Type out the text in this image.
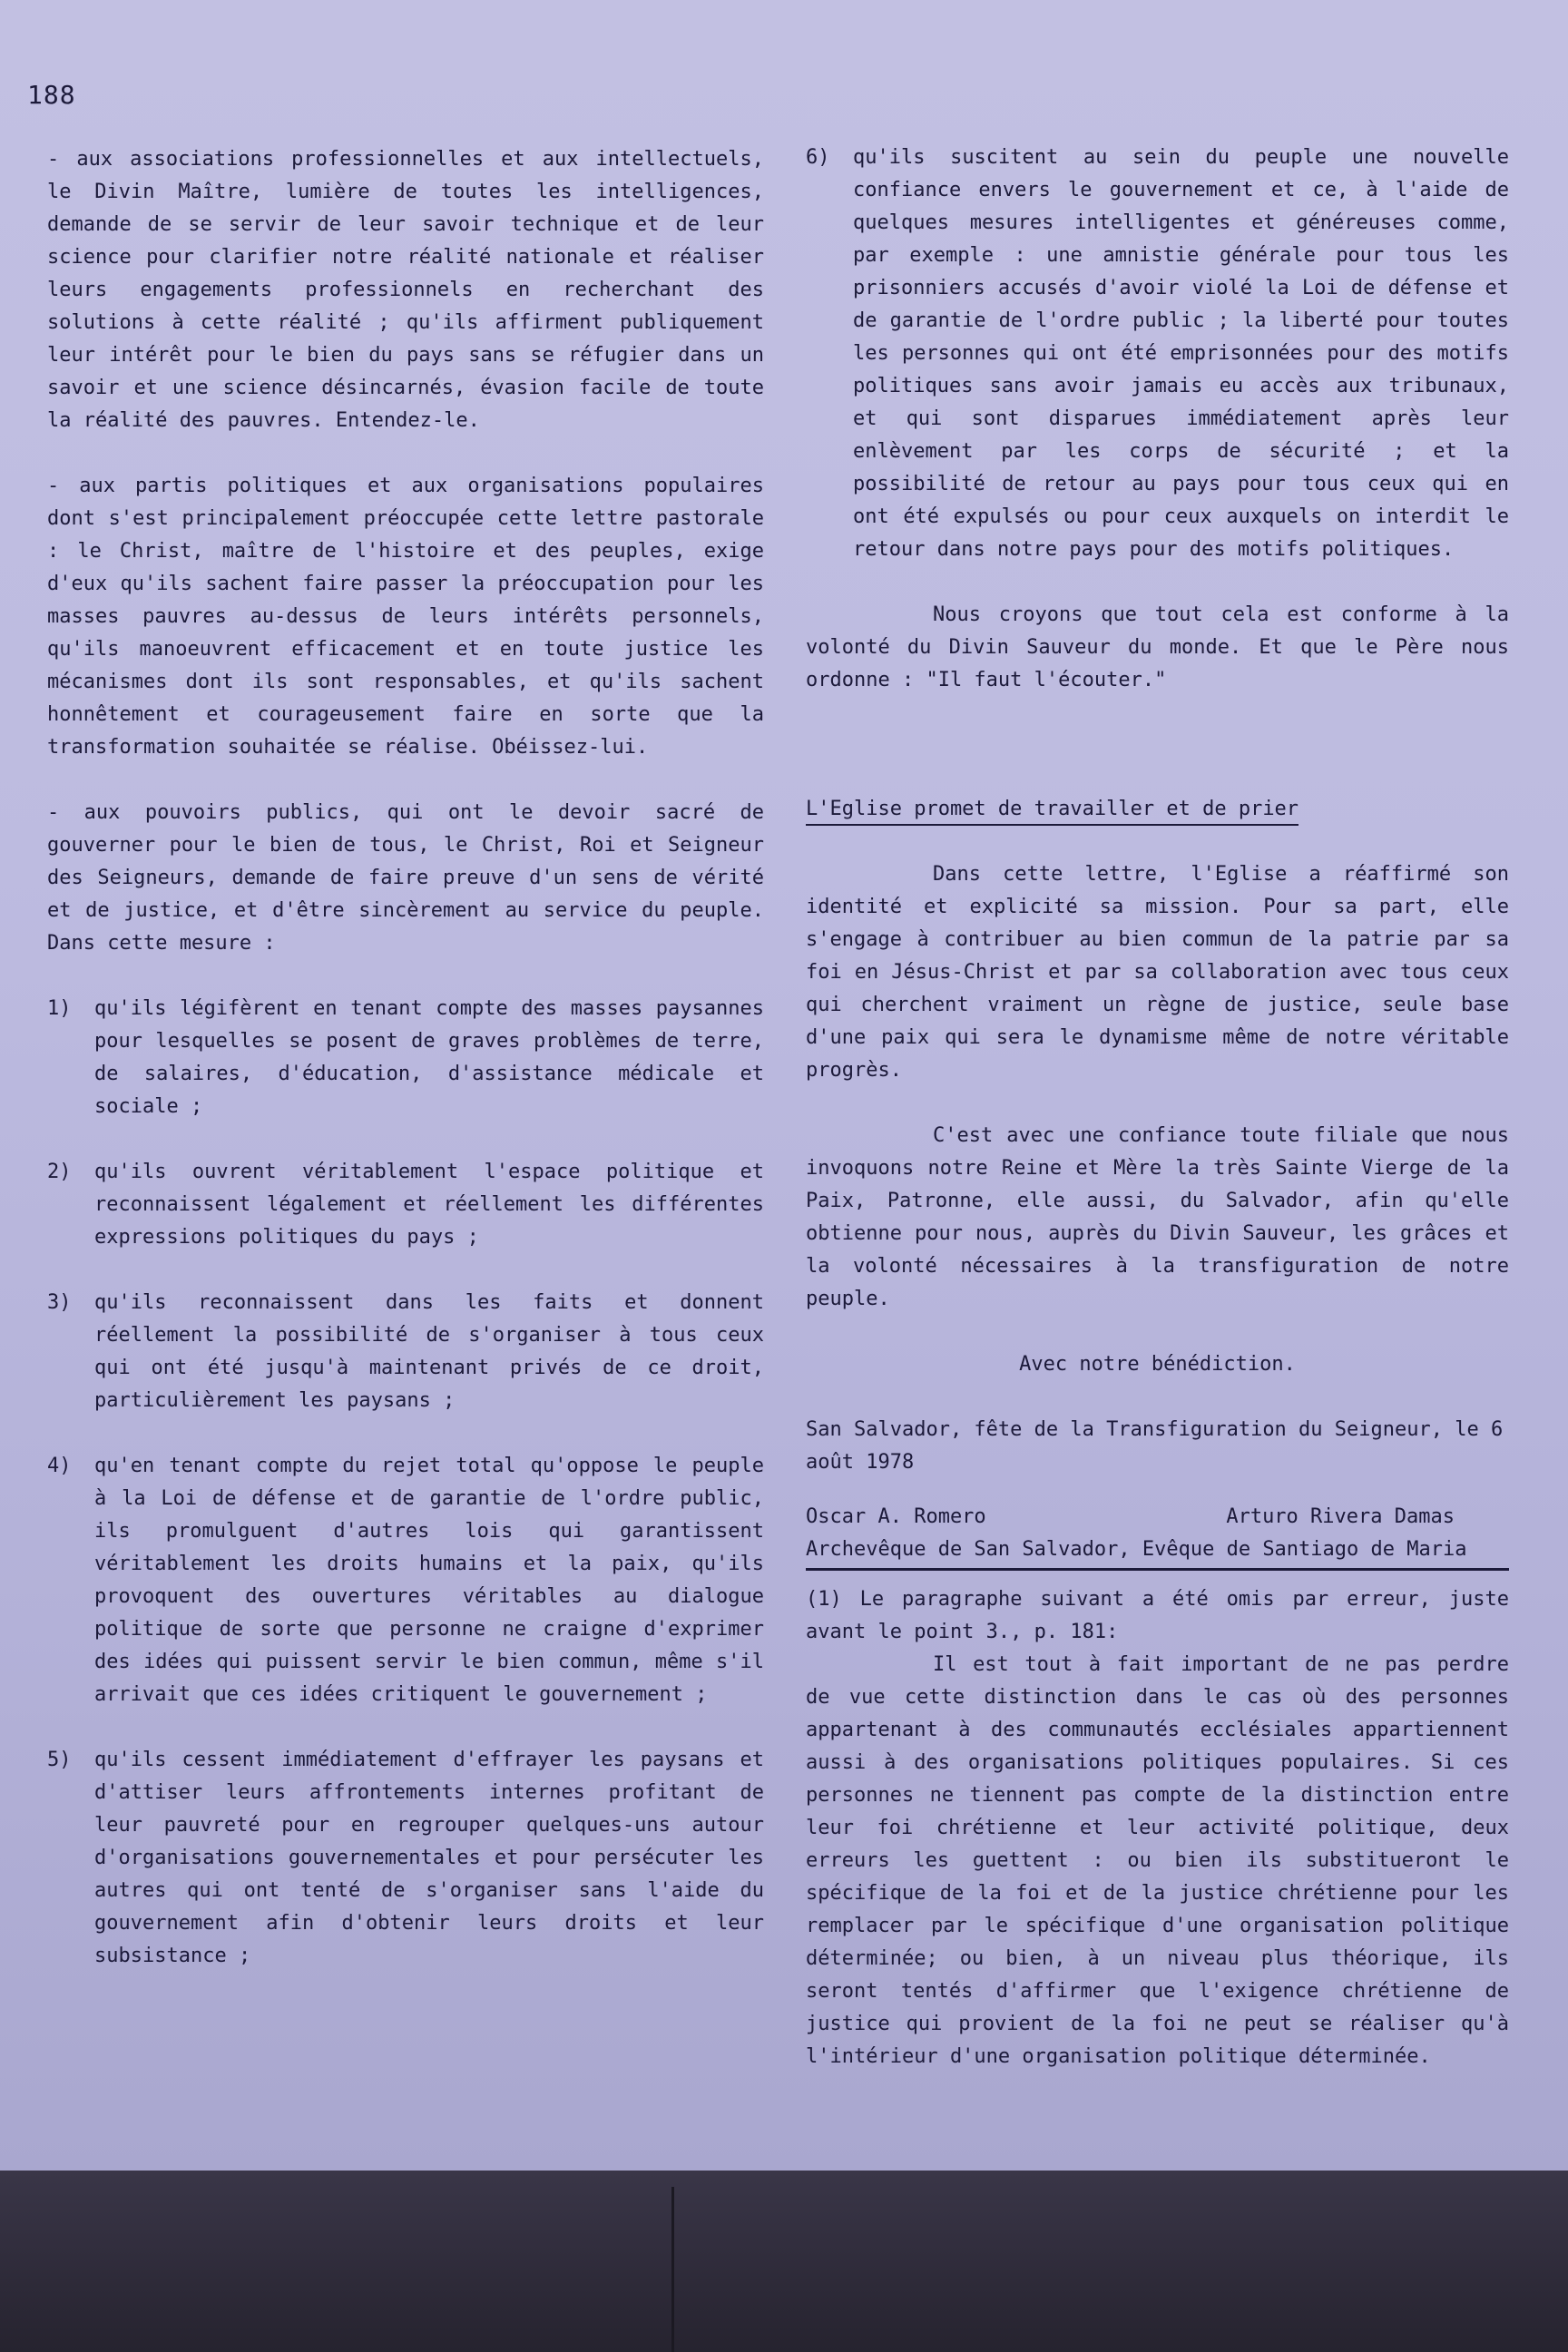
188

- aux associations professionnelles et aux intellectuels, le Divin Maître, lumière de toutes les intelligences, demande de se servir de leur savoir technique et de leur science pour clarifier notre réalité nationale et réaliser leurs engagements professionnels en recherchant des solutions à cette réalité ; qu'ils affirment publiquement leur intérêt pour le bien du pays sans se réfugier dans un savoir et une science désincarnés, évasion facile de toute la réalité des pauvres. Entendez-le.

- aux partis politiques et aux organisations populaires dont s'est principalement préoccupée cette lettre pastorale : le Christ, maître de l'histoire et des peuples, exige d'eux qu'ils sachent faire passer la préoccupation pour les masses pauvres au-dessus de leurs intérêts personnels, qu'ils manoeuvrent efficacement et en toute justice les mécanismes dont ils sont responsables, et qu'ils sachent honnêtement et courageusement faire en sorte que la transformation souhaitée se réalise. Obéissez-lui.

- aux pouvoirs publics, qui ont le devoir sacré de gouverner pour le bien de tous, le Christ, Roi et Seigneur des Seigneurs, demande de faire preuve d'un sens de vérité et de justice, et d'être sincèrement au service du peuple. Dans cette mesure :

1)	qu'ils légifèrent en tenant compte des masses paysannes pour lesquelles se posent de graves problèmes de terre, de salaires, d'éducation, d'assistance médicale et sociale ;
2)	qu'ils ouvrent véritablement l'espace politique et reconnaissent légalement et réellement les différentes expressions politiques du pays ;
3)	qu'ils reconnaissent dans les faits et donnent réellement la possibilité de s'organiser à tous ceux qui ont été jusqu'à maintenant privés de ce droit, particulièrement les paysans ;
4)	qu'en tenant compte du rejet total qu'oppose le peuple à la Loi de défense et de garantie de l'ordre public, ils promulguent d'autres lois qui garantissent véritablement les droits humains et la paix, qu'ils provoquent des ouvertures véritables au dialogue politique de sorte que personne ne craigne d'exprimer des idées qui puissent servir le bien commun, même s'il arrivait que ces idées critiquent le gouvernement ;
5)	qu'ils cessent immédiatement d'effrayer les paysans et d'attiser leurs affrontements internes profitant de leur pauvreté pour en regrouper quelques-uns autour d'organisations gouvernementales et pour persécuter les autres qui ont tenté de s'organiser sans l'aide du gouvernement afin d'obtenir leurs droits et leur subsistance ;
6)	qu'ils suscitent au sein du peuple une nouvelle confiance envers le gouvernement et ce, à l'aide de quelques mesures intelligentes et généreuses comme, par exemple : une amnistie générale pour tous les prisonniers accusés d'avoir violé la Loi de défense et de garantie de l'ordre public ; la liberté pour toutes les personnes qui ont été emprisonnées pour des motifs politiques sans avoir jamais eu accès aux tribunaux, et qui sont disparues immédiatement après leur enlèvement par les corps de sécurité ; et la possibilité de retour au pays pour tous ceux qui en ont été expulsés ou pour ceux auxquels on interdit le retour dans notre pays pour des motifs politiques.

Nous croyons que tout cela est conforme à la volonté du Divin Sauveur du monde. Et que le Père nous ordonne : "Il faut l'écouter."

L'Eglise promet de travailler et de prier

Dans cette lettre, l'Eglise a réaffirmé son identité et explicité sa mission. Pour sa part, elle s'engage à contribuer au bien commun de la patrie par sa foi en Jésus-Christ et par sa collaboration avec tous ceux qui cherchent vraiment un règne de justice, seule base d'une paix qui sera le dynamisme même de notre véritable progrès.

C'est avec une confiance toute filiale que nous invoquons notre Reine et Mère la très Sainte Vierge de la Paix, Patronne, elle aussi, du Salvador, afin qu'elle obtienne pour nous, auprès du Divin Sauveur, les grâces et la volonté nécessaires à la transfiguration de notre peuple.

Avec notre bénédiction.

San Salvador, fête de la Transfiguration du Seigneur, le 6 août 1978

Oscar A. Romero	Arturo Rivera Damas
Archevêque de San Salvador, Evêque de Santiago de Maria

(1) Le paragraphe suivant a été omis par erreur, juste avant le point 3., p. 181:

Il est tout à fait important de ne pas perdre de vue cette distinction dans le cas où des personnes appartenant à des communautés ecclésiales appartiennent aussi à des organisations politiques populaires. Si ces personnes ne tiennent pas compte de la distinction entre leur foi chrétienne et leur activité politique, deux erreurs les guettent : ou bien ils substitueront le spécifique de la foi et de la justice chrétienne pour les remplacer par le spécifique d'une organisation politique déterminée; ou bien, à un niveau plus théorique, ils seront tentés d'affirmer que l'exigence chrétienne de justice qui provient de la foi ne peut se réaliser qu'à l'intérieur d'une organisation politique déterminée.
